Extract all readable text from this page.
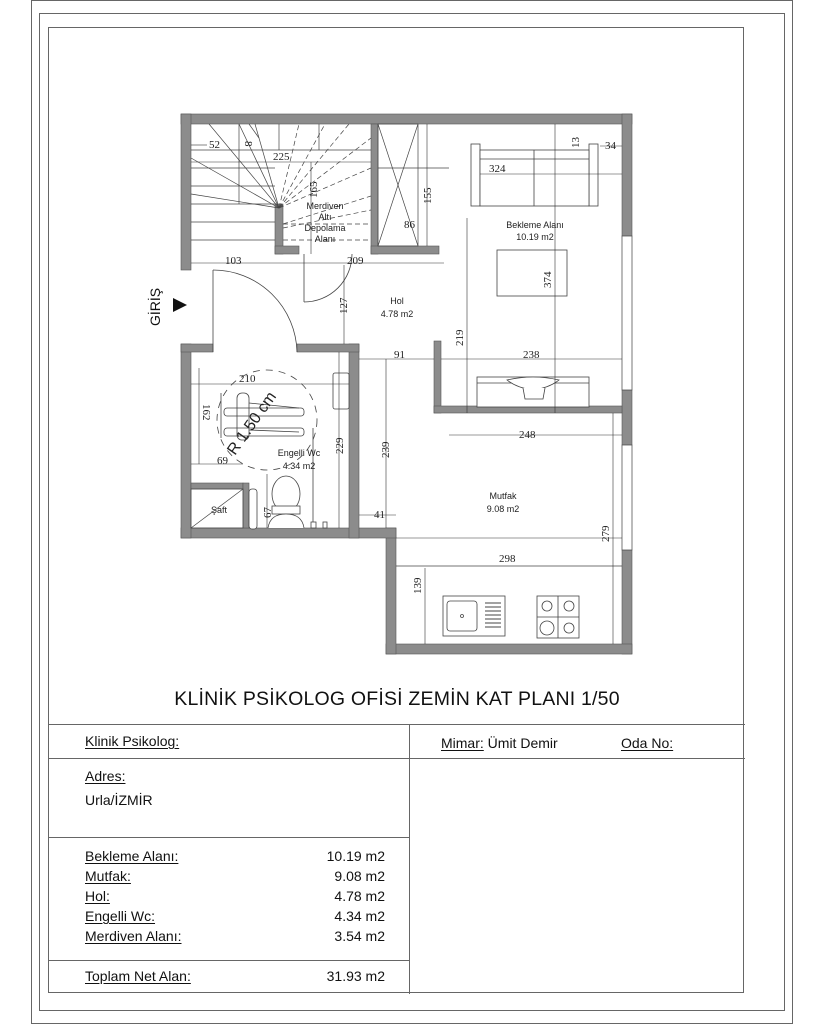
GİRİŞ
52 8
225
165	155
86
103	209
127
324
13 34
374
219
91	238
210
162
69
229	239
248
67	41
279
298
139
Merdiven
Altı
Depolama
Alanı
Bekleme Alanı
10.19 m2
Hol
4.78 m2
Engelli Wc
4.34 m2
Mutfak
9.08 m2
Şaft
R 1.50 cm
KLİNİK PSİKOLOG OFİSİ ZEMİN KAT PLANI 1/50
Klinik Psikolog:	Mimar: Ümit Demir	Oda No:
Adres:
Urla/İZMİR
Bekleme Alanı:	10.19 m2
Mutfak:	9.08 m2
Hol:	4.78 m2
Engelli Wc:	4.34 m2
Merdiven Alanı:	3.54 m2
Toplam Net Alan:	31.93 m2
